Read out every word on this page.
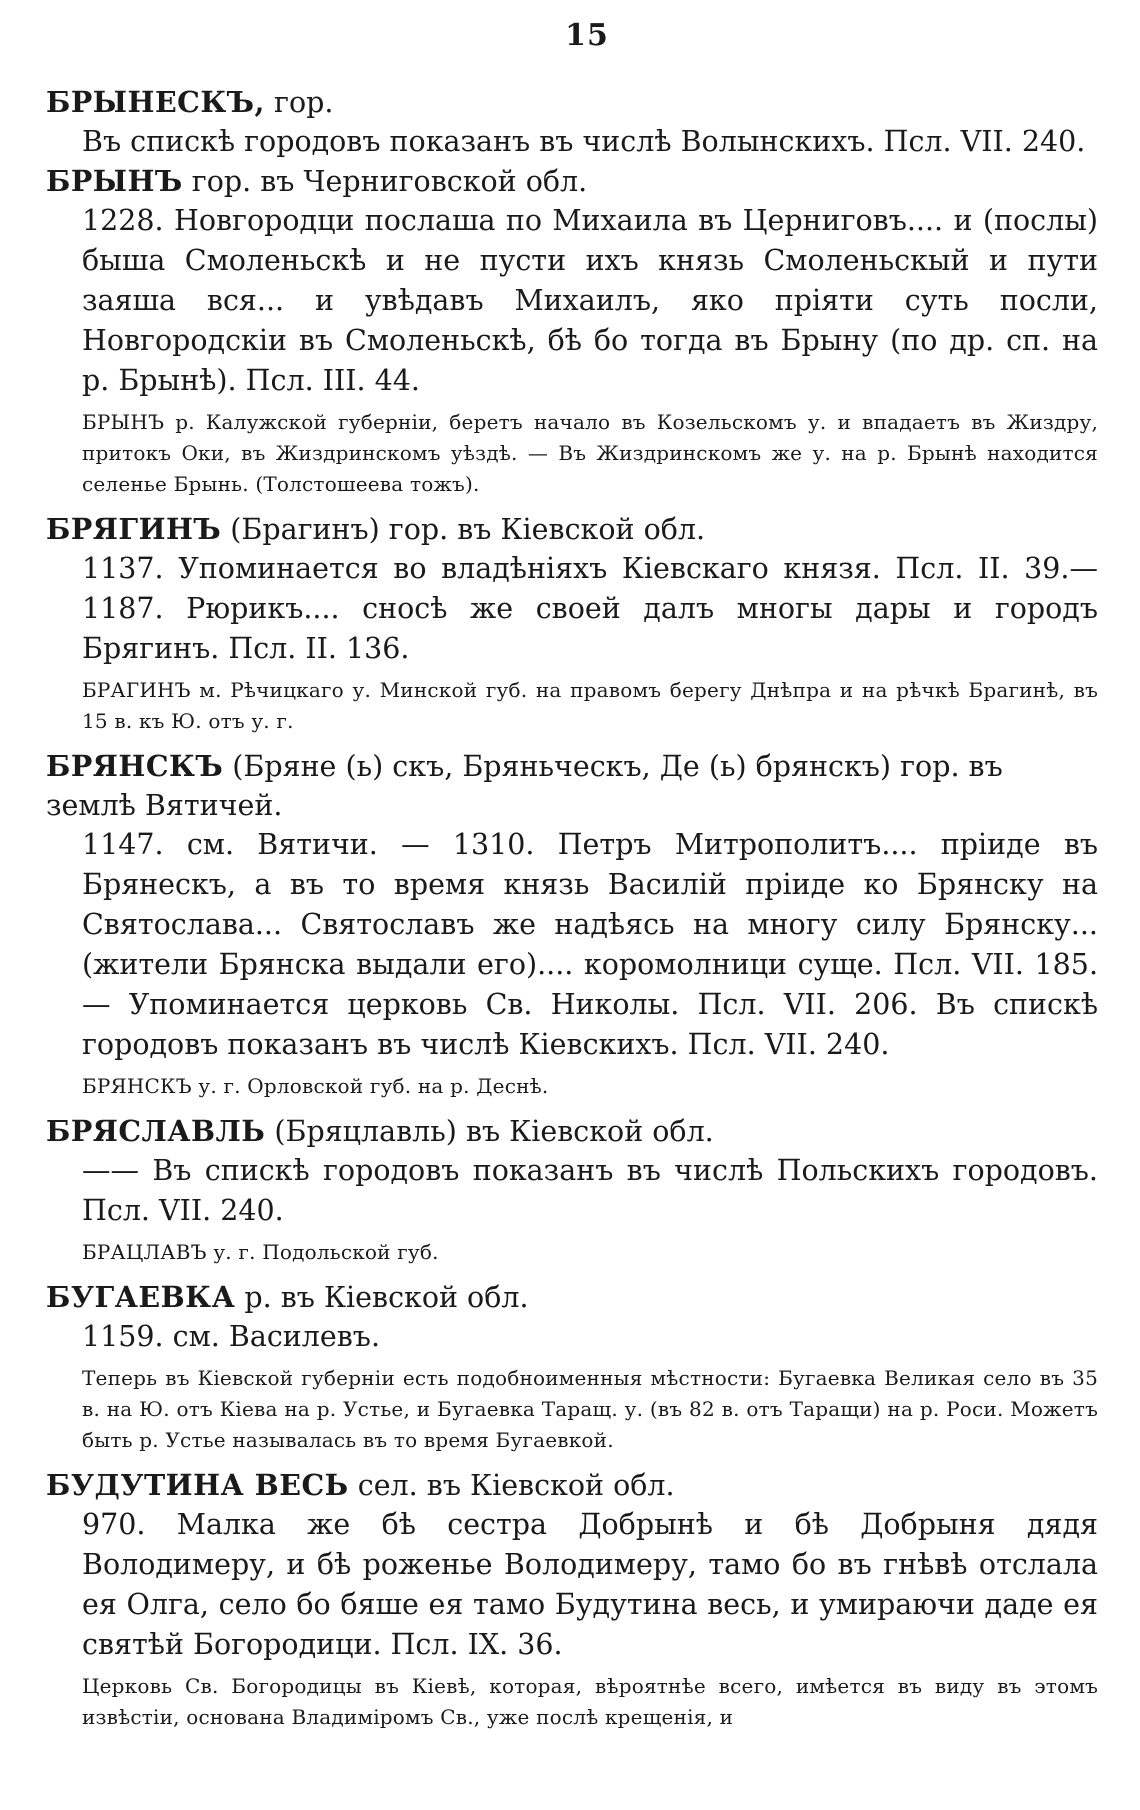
15

БРЫНЕСКЪ, гор.

Въ спискѣ городовъ показанъ въ числѣ Волынскихъ. Псл. VII. 240.

БРЫНЪ гор. въ Черниговской обл.

1228. Новгородци послаша по Михаила въ Церниговъ.... и (послы) быша Смоленьскѣ и не пусти ихъ князь Смоленьскый и пути заяша вся... и увѣдавъ Михаилъ, яко пріяти суть посли, Новгородскіи въ Смоленьскѣ, бѣ бо тогда въ Брыну (по др. сп. на р. Брынѣ). Псл. III. 44.

БРЫНЪ р. Калужской губерніи, беретъ начало въ Козельскомъ у. и впадаетъ въ Жиздру, притокъ Оки, въ Жиздринскомъ уѣздѣ. — Въ Жиздринскомъ же у. на р. Брынѣ находится селенье Брынь. (Толстошеева тожъ).

БРЯГИНЪ (Брагинъ) гор. въ Кіевской обл.

1137. Упоминается во владѣніяхъ Кіевскаго князя. Псл. II. 39.— 1187. Рюрикъ.... сносѣ же своей далъ многы дары и городъ Брягинъ. Псл. II. 136.

БРАГИНЪ м. Рѣчицкаго у. Минской губ. на правомъ берегу Днѣпра и на рѣчкѣ Брагинѣ, въ 15 в. къ Ю. отъ у. г.

БРЯНСКЪ (Бряне (ь) скъ, Бряньческъ, Де (ь) брянскъ) гор. въ землѣ Вятичей.

1147. см. Вятичи. — 1310. Петръ Митрополитъ.... пріиде въ Брянескъ, а въ то время князь Василій пріиде ко Брянску на Святослава... Святославъ же надѣясь на многу силу Брянску... (жители Брянска выдали его).... коромолници суще. Псл. VII. 185. — Упоминается церковь Св. Николы. Псл. VII. 206. Въ спискѣ городовъ показанъ въ числѣ Кіевскихъ. Псл. VII. 240.

БРЯНСКЪ у. г. Орловской губ. на р. Деснѣ.

БРЯСЛАВЛЬ (Бряцлавль) въ Кіевской обл.

—— Въ спискѣ городовъ показанъ въ числѣ Польскихъ городовъ. Псл. VII. 240.

БРАЦЛАВЪ у. г. Подольской губ.

БУГАЕВКА р. въ Кіевской обл.

1159. см. Василевъ.

Теперь въ Кіевской губерніи есть подобноименныя мѣстности: Бугаевка Великая село въ 35 в. на Ю. отъ Кіева на р. Устье, и Бугаевка Таращ. у. (въ 82 в. отъ Таращи) на р. Роси. Можетъ быть р. Устье называлась въ то время Бугаевкой.

БУДУТИНА ВЕСЬ сел. въ Кіевской обл.

970. Малка же бѣ сестра Добрынѣ и бѣ Добрыня дядя Володимеру, и бѣ роженье Володимеру, тамо бо въ гнѣвѣ отслала ея Олга, село бо бяше ея тамо Будутина весь, и умираючи даде ея святѣй Богородици. Псл. IX. 36.

Церковь Св. Богородицы въ Кіевѣ, которая, вѣроятнѣе всего, имѣется въ виду въ этомъ извѣстіи, основана Владиміромъ Св., уже послѣ крещенія, и
